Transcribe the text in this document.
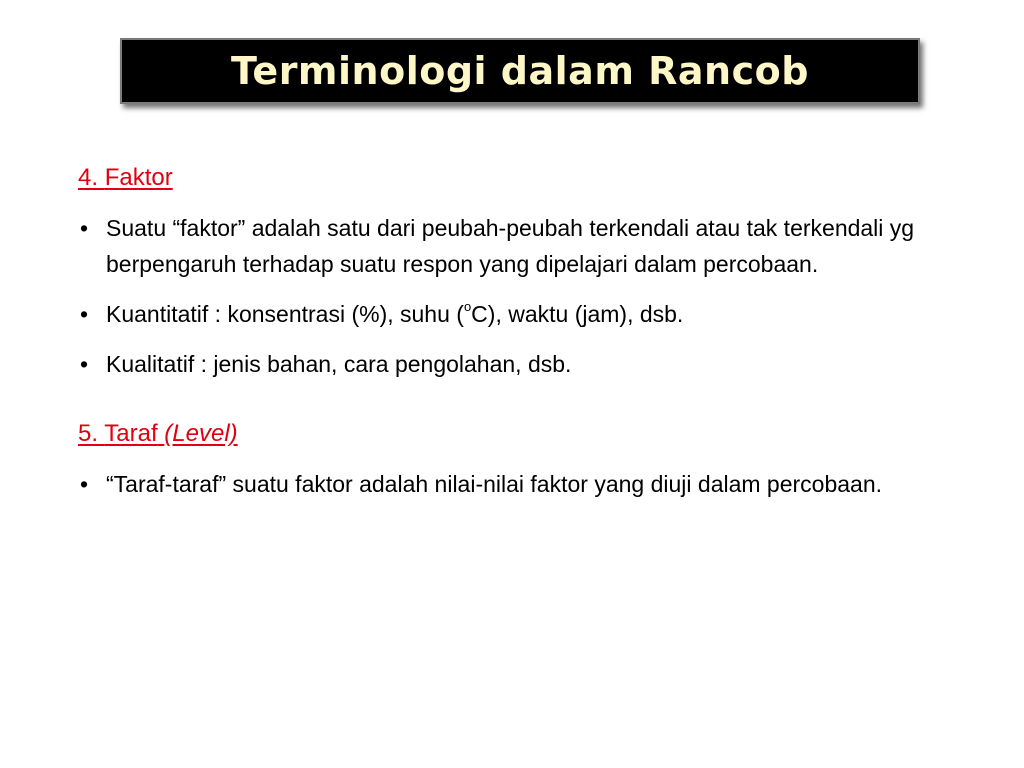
Terminologi dalam Rancob

4. Faktor

• Suatu “faktor” adalah satu dari peubah-peubah terkendali atau tak terkendali yg berpengaruh terhadap suatu respon yang dipelajari dalam percobaan.
• Kuantitatif : konsentrasi (%), suhu ($^o$C), waktu (jam), dsb.
• Kualitatif : jenis bahan, cara pengolahan, dsb.

5. Taraf (Level)

• “Taraf-taraf” suatu faktor adalah nilai-nilai faktor yang diuji dalam percobaan.
